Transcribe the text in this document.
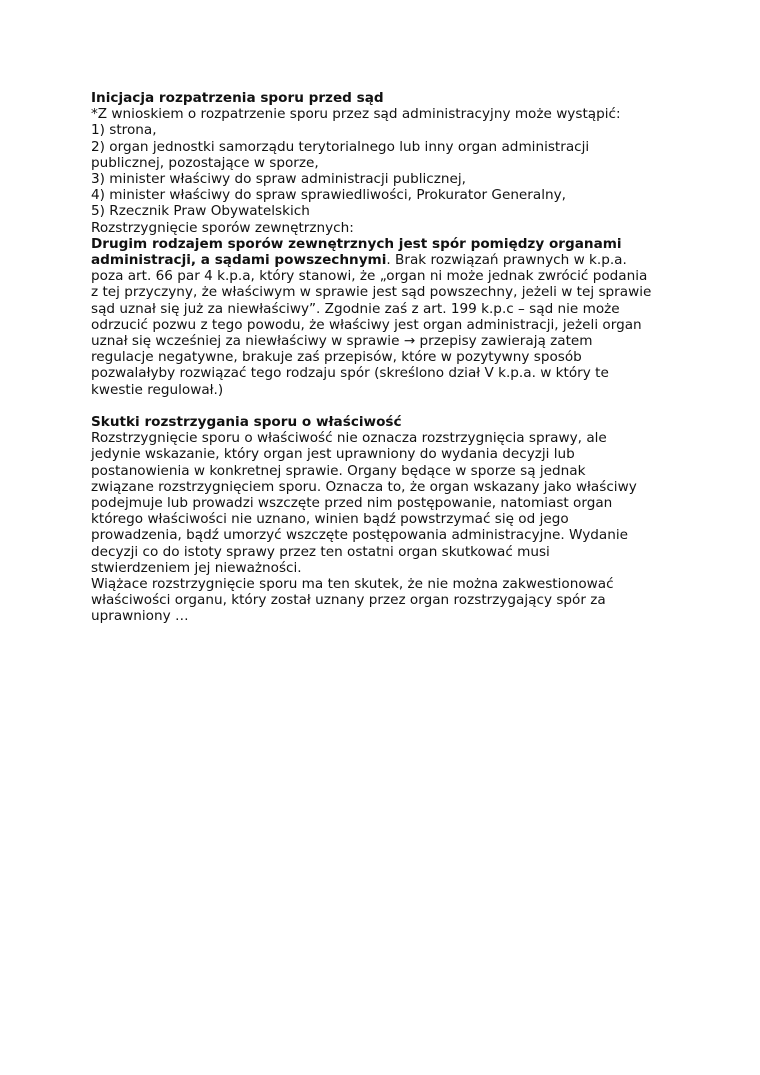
Inicjacja rozpatrzenia sporu przed sąd
*Z wnioskiem o rozpatrzenie sporu przez sąd administracyjny może wystąpić:
1) strona,
2) organ jednostki samorządu terytorialnego lub inny organ administracji
publicznej, pozostające w sporze,
3) minister właściwy do spraw administracji publicznej,
4) minister właściwy do spraw sprawiedliwości, Prokurator Generalny,
5) Rzecznik Praw Obywatelskich
Rozstrzygnięcie sporów zewnętrznych:
Drugim rodzajem sporów zewnętrznych jest spór pomiędzy organami
administracji, a sądami powszechnymi. Brak rozwiązań prawnych w k.p.a.
poza art. 66 par 4 k.p.a, który stanowi, że „organ ni może jednak zwrócić podania
z tej przyczyny, że właściwym w sprawie jest sąd powszechny, jeżeli w tej sprawie
sąd uznał się już za niewłaściwy”. Zgodnie zaś z art. 199 k.p.c – sąd nie może
odrzucić pozwu z tego powodu, że właściwy jest organ administracji, jeżeli organ
uznał się wcześniej za niewłaściwy w sprawie → przepisy zawierają zatem
regulacje negatywne, brakuje zaś przepisów, które w pozytywny sposób
pozwalałyby rozwiązać tego rodzaju spór (skreślono dział V k.p.a. w który te
kwestie regulował.)
Skutki rozstrzygania sporu o właściwość
Rozstrzygnięcie sporu o właściwość nie oznacza rozstrzygnięcia sprawy, ale
jedynie wskazanie, który organ jest uprawniony do wydania decyzji lub
postanowienia w konkretnej sprawie. Organy będące w sporze są jednak
związane rozstrzygnięciem sporu. Oznacza to, że organ wskazany jako właściwy
podejmuje lub prowadzi wszczęte przed nim postępowanie, natomiast organ
którego właściwości nie uznano, winien bądź powstrzymać się od jego
prowadzenia, bądź umorzyć wszczęte postępowania administracyjne. Wydanie
decyzji co do istoty sprawy przez ten ostatni organ skutkować musi
stwierdzeniem jej nieważności.
Wiążace rozstrzygnięcie sporu ma ten skutek, że nie można zakwestionować
właściwości organu, który został uznany przez organ rozstrzygający spór za
uprawniony …
